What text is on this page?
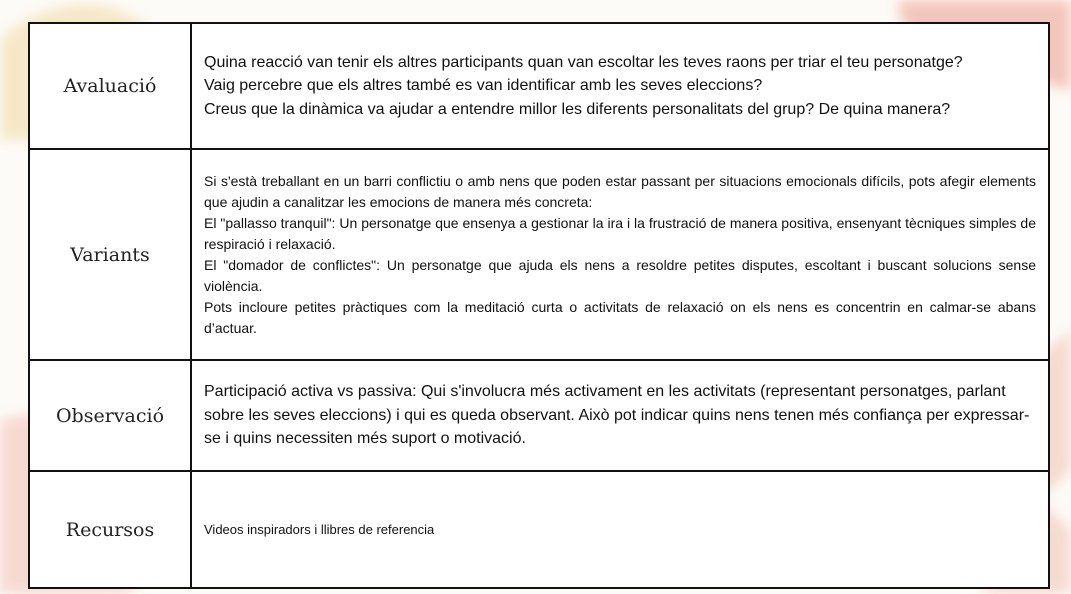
Avaluació	Quina reacció van tenir els altres participants quan van escoltar les teves raons per triar el teu personatge?
Vaig percebre que els altres també es van identificar amb les seves eleccions?
Creus que la dinàmica va ajudar a entendre millor les diferents personalitats del grup? De quina manera?

Variants	Si s'està treballant en un barri conflictiu o amb nens que poden estar passant per situacions emocionals difícils, pots afegir elements que ajudin a canalitzar les emocions de manera més concreta:
El "pallasso tranquil": Un personatge que ensenya a gestionar la ira i la frustració de manera positiva, ensenyant tècniques simples de respiració i relaxació.
El "domador de conflictes": Un personatge que ajuda els nens a resoldre petites disputes, escoltant i buscant solucions sense violència.
Pots incloure petites pràctiques com la meditació curta o activitats de relaxació on els nens es concentrin en calmar-se abans d’actuar.

Observació	Participació activa vs passiva: Qui s'involucra més activament en les activitats (representant personatges, parlant sobre les seves eleccions) i qui es queda observant. Això pot indicar quins nens tenen més confiança per expressar-se i quins necessiten més suport o motivació.

Recursos	Videos inspiradors i llibres de referencia
